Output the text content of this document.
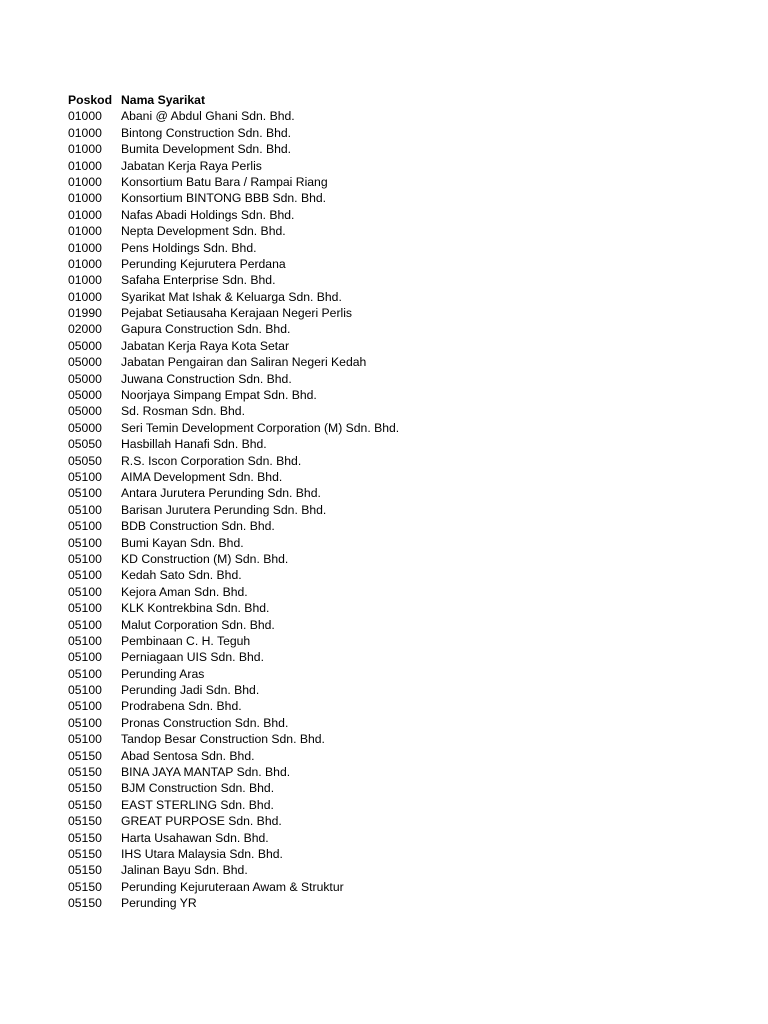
Poskod Nama Syarikat
01000	Abani @ Abdul Ghani Sdn. Bhd.
01000	Bintong Construction Sdn. Bhd.
01000	Bumita Development Sdn. Bhd.
01000	Jabatan Kerja Raya Perlis
01000	Konsortium Batu Bara / Rampai Riang
01000	Konsortium BINTONG BBB Sdn. Bhd.
01000	Nafas Abadi Holdings Sdn. Bhd.
01000	Nepta Development Sdn. Bhd.
01000	Pens Holdings Sdn. Bhd.
01000	Perunding Kejurutera Perdana
01000	Safaha Enterprise Sdn. Bhd.
01000	Syarikat Mat Ishak & Keluarga Sdn. Bhd.
01990	Pejabat Setiausaha Kerajaan Negeri Perlis
02000	Gapura Construction Sdn. Bhd.
05000	Jabatan Kerja Raya Kota Setar
05000	Jabatan Pengairan dan Saliran Negeri Kedah
05000	Juwana Construction Sdn. Bhd.
05000	Noorjaya Simpang Empat Sdn. Bhd.
05000	Sd. Rosman Sdn. Bhd.
05000	Seri Temin Development Corporation (M) Sdn. Bhd.
05050	Hasbillah Hanafi Sdn. Bhd.
05050	R.S. Iscon Corporation Sdn. Bhd.
05100	AIMA Development Sdn. Bhd.
05100	Antara Jurutera Perunding Sdn. Bhd.
05100	Barisan Jurutera Perunding Sdn. Bhd.
05100	BDB Construction Sdn. Bhd.
05100	Bumi Kayan Sdn. Bhd.
05100	KD Construction (M) Sdn. Bhd.
05100	Kedah Sato Sdn. Bhd.
05100	Kejora Aman Sdn. Bhd.
05100	KLK Kontrekbina Sdn. Bhd.
05100	Malut Corporation Sdn. Bhd.
05100	Pembinaan C. H. Teguh
05100	Perniagaan UIS Sdn. Bhd.
05100	Perunding Aras
05100	Perunding Jadi Sdn. Bhd.
05100	Prodrabena Sdn. Bhd.
05100	Pronas Construction Sdn. Bhd.
05100	Tandop Besar Construction Sdn. Bhd.
05150	Abad Sentosa Sdn. Bhd.
05150	BINA JAYA MANTAP Sdn. Bhd.
05150	BJM Construction Sdn. Bhd.
05150	EAST STERLING Sdn. Bhd.
05150	GREAT PURPOSE Sdn. Bhd.
05150	Harta Usahawan Sdn. Bhd.
05150	IHS Utara Malaysia Sdn. Bhd.
05150	Jalinan Bayu Sdn. Bhd.
05150	Perunding Kejuruteraan Awam & Struktur
05150	Perunding YR
